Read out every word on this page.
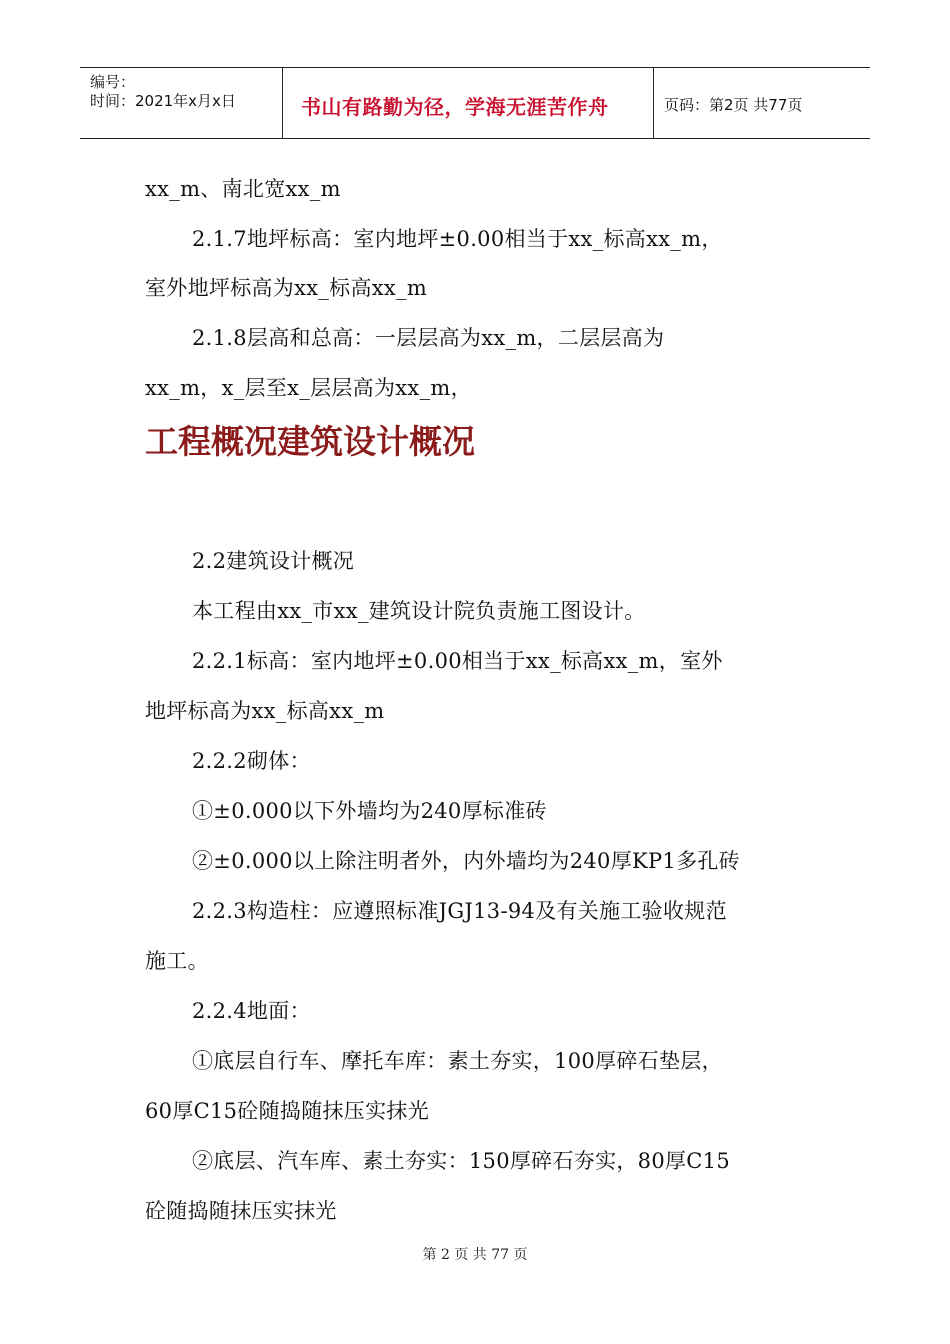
编号：
时间：2021年x月x日	书山有路勤为径，学海无涯苦作舟	页码：第2页 共77页
xx_m、南北宽xx_m
2.1.7地坪标高：室内地坪±0.00相当于xx_标高xx_m，
室外地坪标高为xx_标高xx_m
2.1.8层高和总高：一层层高为xx_m，二层层高为
xx_m，x_层至x_层层高为xx_m，
工程概况建筑设计概况
2.2建筑设计概况
本工程由xx_市xx_建筑设计院负责施工图设计。
2.2.1标高：室内地坪±0.00相当于xx_标高xx_m，室外
地坪标高为xx_标高xx_m
2.2.2砌体：
①±0.000以下外墙均为240厚标准砖
②±0.000以上除注明者外，内外墙均为240厚KP1多孔砖
2.2.3构造柱：应遵照标准JGJ13-94及有关施工验收规范
施工。
2.2.4地面：
①底层自行车、摩托车库：素土夯实，100厚碎石垫层，
60厚C15砼随捣随抹压实抹光
②底层、汽车库、素土夯实：150厚碎石夯实，80厚C15
砼随捣随抹压实抹光
第 2 页 共 77 页
